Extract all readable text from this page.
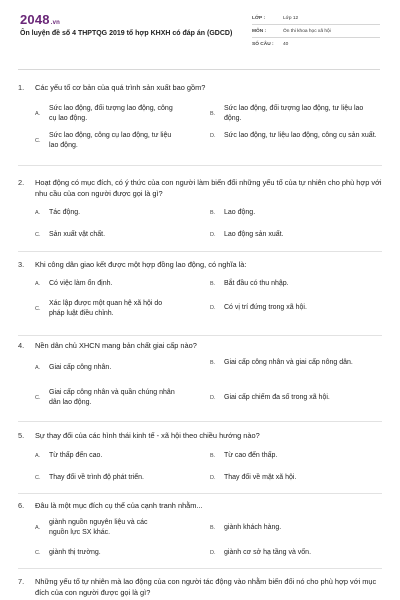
2048.vn
Ôn luyện đề số 4 THPTQG 2019 tổ hợp KHXH có đáp án (GDCD)
LỚP :	Lớp 12
MÔN :	Ôn thi khoa học xã hội
SỐ CÂU :	40
1.	Các yếu tố cơ bản của quá trình sản xuất bao gồm?
A.
Sức lao động, đối tượng lao động, công cụ lao động.
B.
Sức lao động, đối tượng lao động, tư liệu lao động.
C.
Sức lao động, công cụ lao động, tư liệu lao động.
D.	Sức lao động, tư liệu lao động, công cụ sản xuất.
2.	Hoạt động có mục đích, có ý thức của con người làm biến đổi những yếu tố của tự nhiên cho phù hợp với nhu cầu của con người được gọi là gì?
A.	Tác động.	B.	Lao động.
C.	Sản xuất vật chất.	D.	Lao động sản xuất.
3.	Khi công dân giao kết được một hợp đồng lao động, có nghĩa là:
A.	Có việc làm ổn định.	B.	Bắt đầu có thu nhập.
C.
Xác lập được một quan hệ xã hội do pháp luật điều chỉnh.
D.	Có vị trí đứng trong xã hội.
4.	Nền dân chủ XHCN mang bản chất giai cấp nào?
A.	Giai cấp công nhân.
B.	Giai cấp công nhân và giai cấp nông dân.
C.
Giai cấp công nhân và quần chúng nhân dân lao động.
D.	Giai cấp chiếm đa số trong xã hội.
5.	Sự thay đổi của các hình thái kinh tế - xã hội theo chiều hướng nào?
A.	Từ thấp đến cao.	B.	Từ cao đến thấp.
C.	Thay đổi về trình độ phát triển.	D.	Thay đổi về mặt xã hội.
6.	Đâu là một mục đích cụ thể của cạnh tranh nhằm...
A.
giành nguồn nguyên liệu và các nguồn lực SX khác.
B.	giành khách hàng.
C.	giành thị trường.	D.	giành cơ sở hạ tầng và vốn.
7.	Những yếu tố tự nhiên mà lao động của con người tác động vào nhằm biến đổi nó cho phù hợp với mục đích của con người được gọi là gì?
